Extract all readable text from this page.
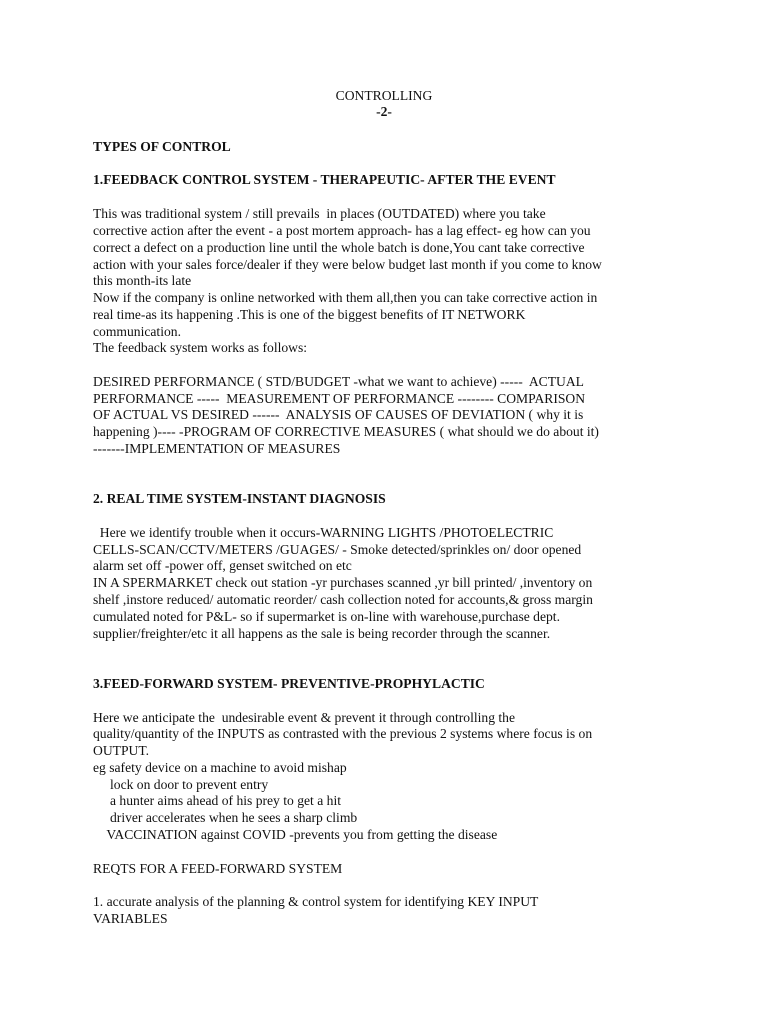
CONTROLLING

-2-

TYPES OF CONTROL

1.FEEDBACK CONTROL SYSTEM - THERAPEUTIC- AFTER THE EVENT

This was traditional system / still prevails  in places (OUTDATED) where you take

corrective action after the event - a post mortem approach- has a lag effect- eg how can you

correct a defect on a production line until the whole batch is done,You cant take corrective

action with your sales force/dealer if they were below budget last month if you come to know

this month-its late

Now if the company is online networked with them all,then you can take corrective action in

real time-as its happening .This is one of the biggest benefits of IT NETWORK

communication.

The feedback system works as follows:

DESIRED PERFORMANCE ( STD/BUDGET -what we want to achieve) -----  ACTUAL

PERFORMANCE -----  MEASUREMENT OF PERFORMANCE -------- COMPARISON

OF ACTUAL VS DESIRED ------  ANALYSIS OF CAUSES OF DEVIATION ( why it is

happening )---- -PROGRAM OF CORRECTIVE MEASURES ( what should we do about it)

-------IMPLEMENTATION OF MEASURES

2. REAL TIME SYSTEM-INSTANT DIAGNOSIS

Here we identify trouble when it occurs-WARNING LIGHTS /PHOTOELECTRIC

CELLS-SCAN/CCTV/METERS /GUAGES/ - Smoke detected/sprinkles on/ door opened

alarm set off -power off, genset switched on etc

IN A SPERMARKET check out station -yr purchases scanned ,yr bill printed/ ,inventory on

shelf ,instore reduced/ automatic reorder/ cash collection noted for accounts,& gross margin

cumulated noted for P&L- so if supermarket is on-line with warehouse,purchase dept.

supplier/freighter/etc it all happens as the sale is being recorder through the scanner.

3.FEED-FORWARD SYSTEM- PREVENTIVE-PROPHYLACTIC

Here we anticipate the  undesirable event & prevent it through controlling the

quality/quantity of the INPUTS as contrasted with the previous 2 systems where focus is on

OUTPUT.

eg safety device on a machine to avoid mishap

lock on door to prevent entry

a hunter aims ahead of his prey to get a hit

driver accelerates when he sees a sharp climb

VACCINATION against COVID -prevents you from getting the disease

REQTS FOR A FEED-FORWARD SYSTEM

1. accurate analysis of the planning & control system for identifying KEY INPUT

VARIABLES
